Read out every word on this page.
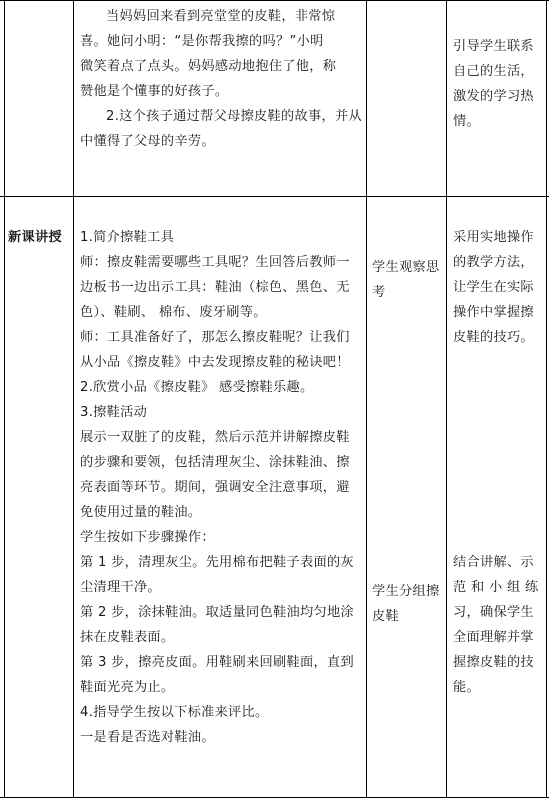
当妈妈回来看到亮堂堂的皮鞋，非常惊

喜。她问小明：“是你帮我擦的吗？”小明

微笑着点了点头。妈妈感动地抱住了他，称

赞他是个懂事的好孩子。

2.这个孩子通过帮父母擦皮鞋的故事，并从

中懂得了父母的辛劳。

引导学生联系

自己的生活，

激发的学习热

情。

新课讲授 1.简介擦鞋工具

师：擦皮鞋需要哪些工具呢？生回答后教师一

边板书一边出示工具：鞋油（棕色、黑色、无

色）、鞋刷、 棉布、废牙刷等。

师：工具准备好了，那怎么擦皮鞋呢？让我们

从小品《擦皮鞋》中去发现擦皮鞋的秘诀吧！

2.欣赏小品《擦皮鞋》 感受擦鞋乐趣。

3.擦鞋活动

展示一双脏了的皮鞋，然后示范并讲解擦皮鞋

的步骤和要领，包括清理灰尘、涂抹鞋油、擦

亮表面等环节。期间，强调安全注意事项，避

免使用过量的鞋油。

学生按如下步骤操作：

第 1 步，清理灰尘。先用棉布把鞋子表面的灰

尘清理干净。

第 2 步，涂抹鞋油。取适量同色鞋油均匀地涂

抹在皮鞋表面。

第 3 步，擦亮皮面。用鞋刷来回刷鞋面，直到

鞋面光亮为止。

4.指导学生按以下标准来评比。

一是看是否选对鞋油。

学生观察思

考

学生分组擦

皮鞋

采用实地操作

的教学方法，

让学生在实际

操作中掌握擦

皮鞋的技巧。

结合讲解、示

范和小组练

习，确保学生

全面理解并掌

握擦皮鞋的技

能。
